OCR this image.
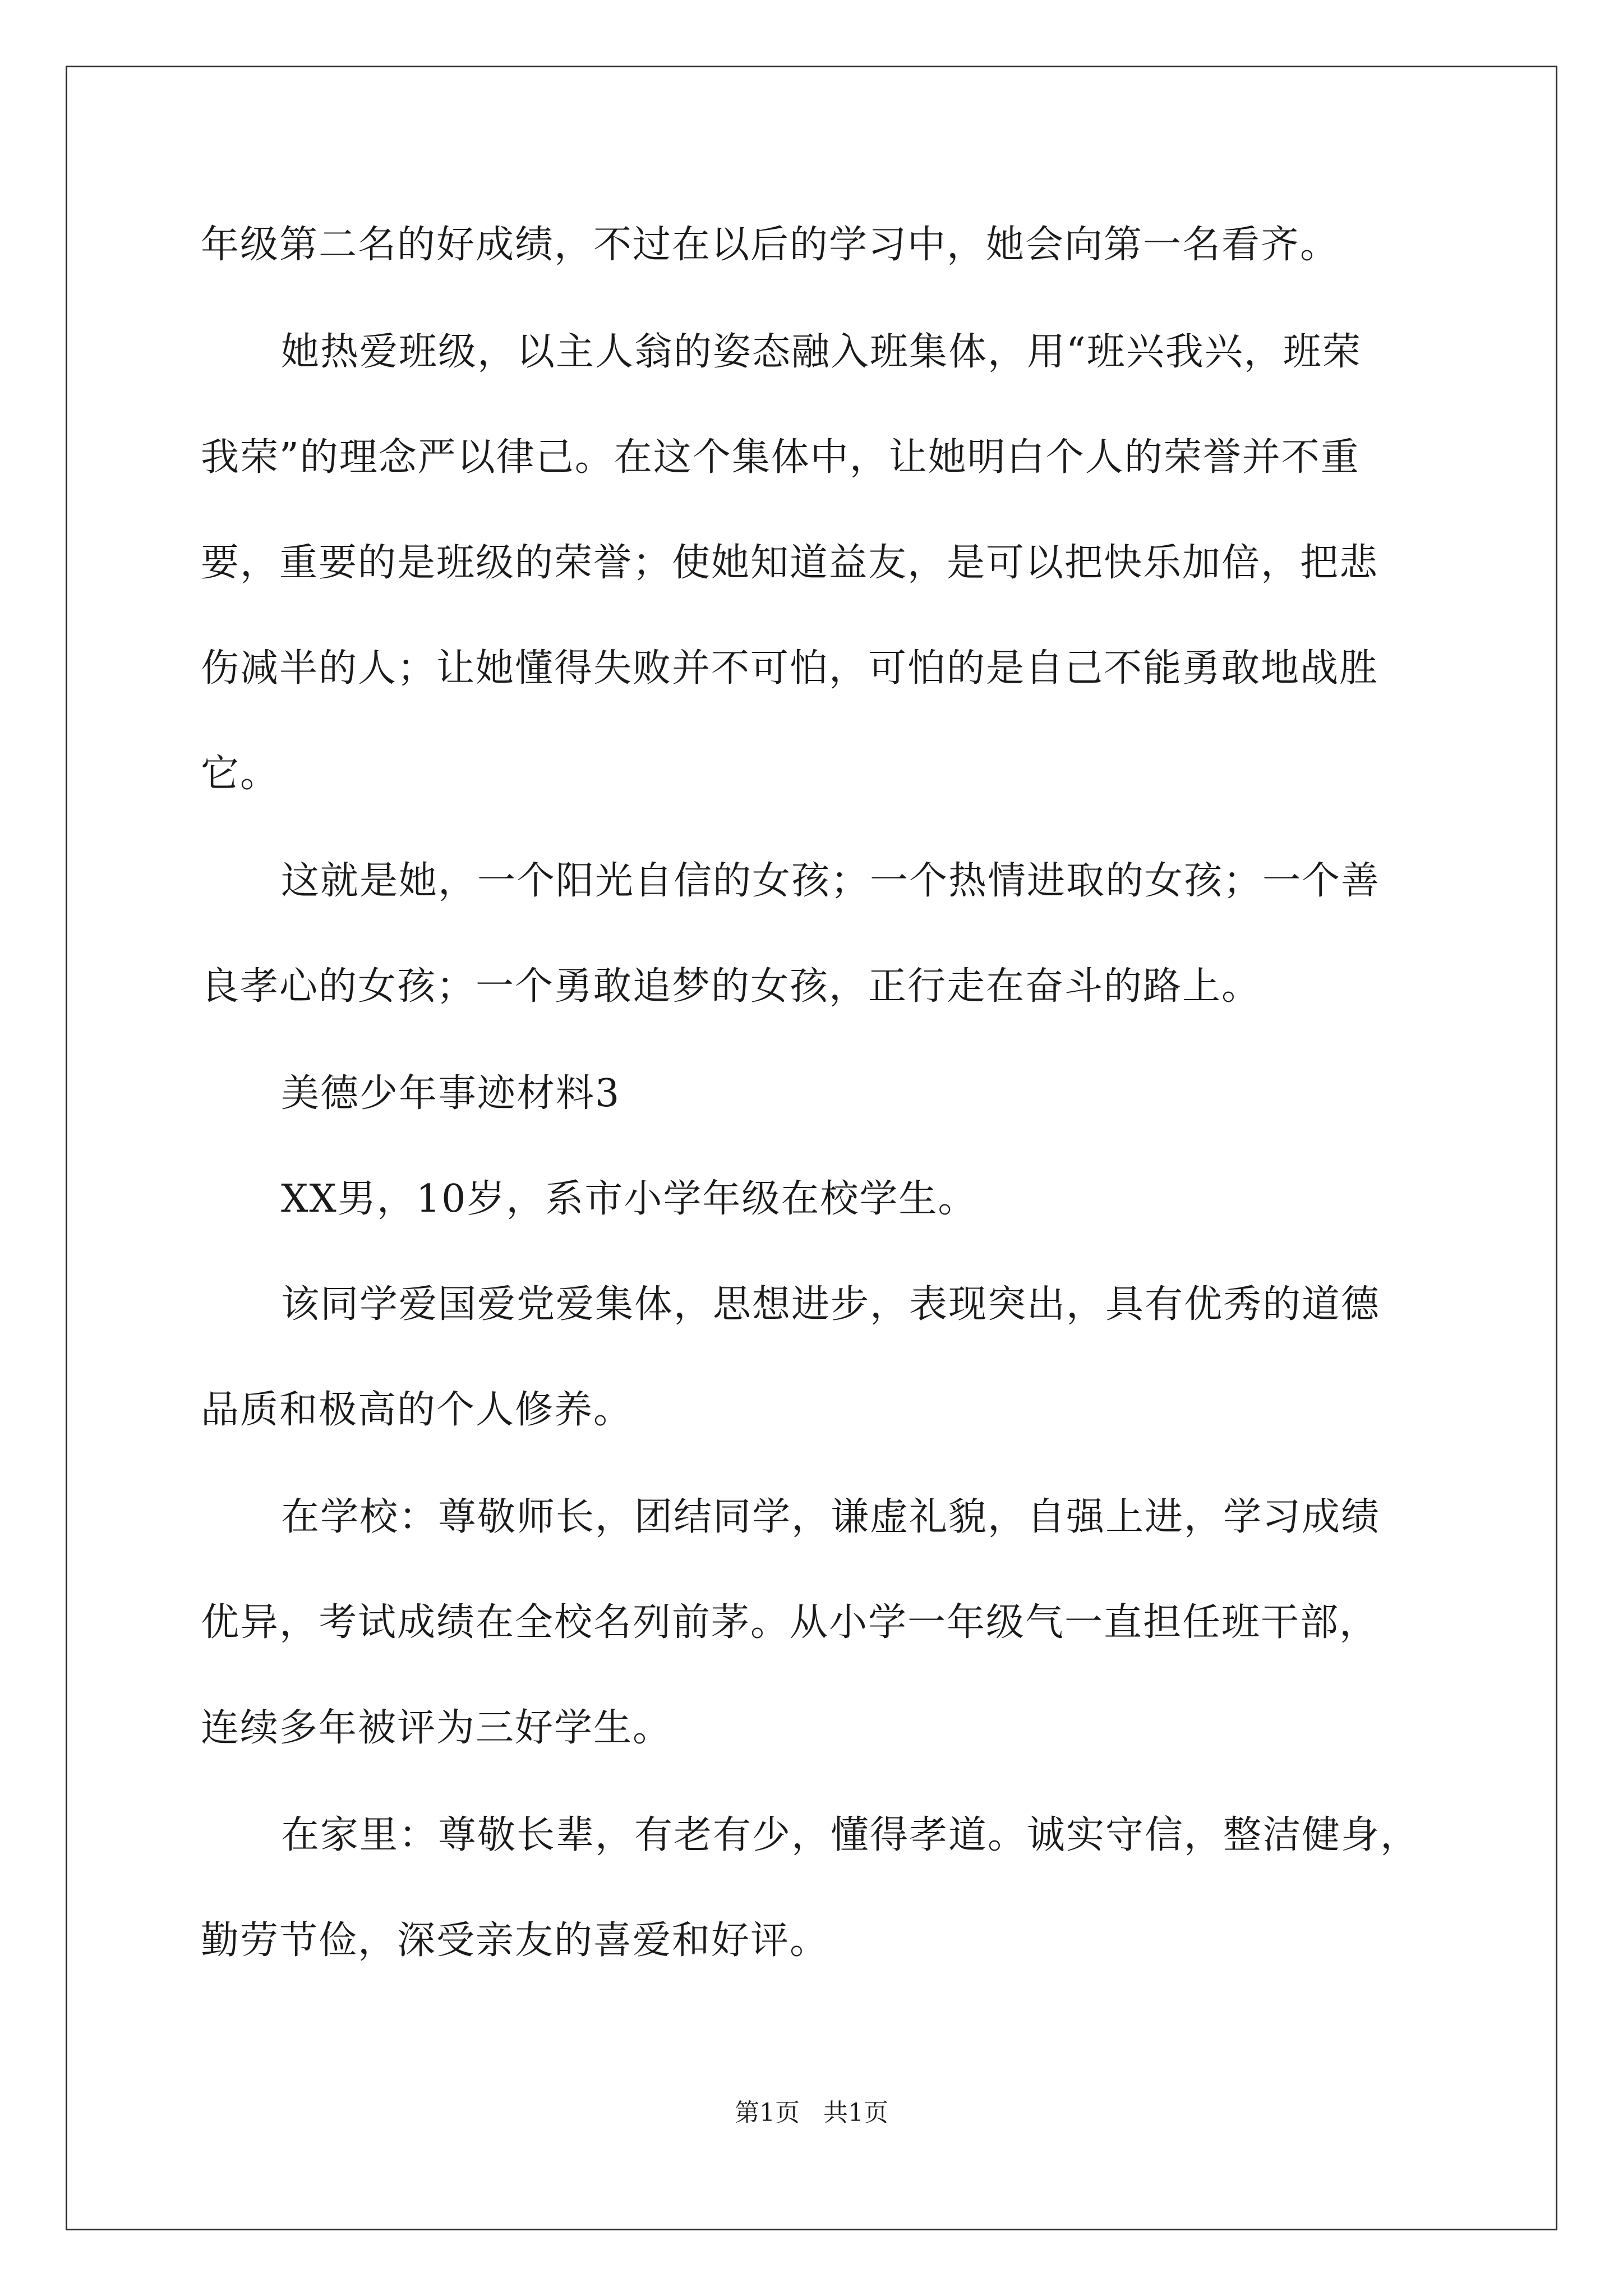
年级第二名的好成绩，不过在以后的学习中，她会向第一名看齐。
她热爱班级，以主人翁的姿态融入班集体，用“班兴我兴，班荣
我荣”的理念严以律己。在这个集体中，让她明白个人的荣誉并不重
要，重要的是班级的荣誉；使她知道益友，是可以把快乐加倍，把悲
伤减半的人；让她懂得失败并不可怕，可怕的是自己不能勇敢地战胜
它。
这就是她，一个阳光自信的女孩；一个热情进取的女孩；一个善
良孝心的女孩；一个勇敢追梦的女孩，正行走在奋斗的路上。
美德少年事迹材料3
XX男，10岁，系市小学年级在校学生。
该同学爱国爱党爱集体，思想进步，表现突出，具有优秀的道德
品质和极高的个人修养。
在学校：尊敬师长，团结同学，谦虚礼貌，自强上进，学习成绩
优异，考试成绩在全校名列前茅。从小学一年级气一直担任班干部，
连续多年被评为三好学生。
在家里：尊敬长辈，有老有少，懂得孝道。诚实守信，整洁健身，
勤劳节俭，深受亲友的喜爱和好评。
第1页   共1页
